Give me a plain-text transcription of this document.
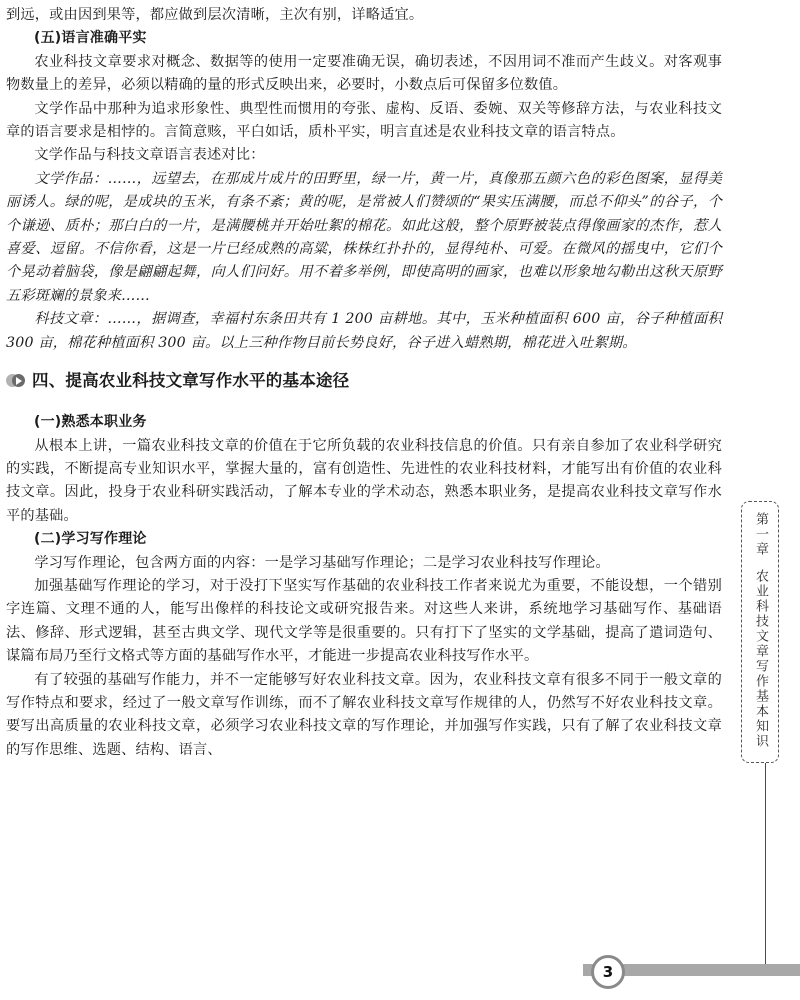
到远，或由因到果等，都应做到层次清晰，主次有别，详略适宜。

(五)语言准确平实

农业科技文章要求对概念、数据等的使用一定要准确无误，确切表述，不因用词不准而产生歧义。对客观事物数量上的差异，必须以精确的量的形式反映出来，必要时，小数点后可保留多位数值。

文学作品中那种为追求形象性、典型性而惯用的夸张、虚构、反语、委婉、双关等修辞方法，与农业科技文章的语言要求是相悖的。言简意赅，平白如话，质朴平实，明言直述是农业科技文章的语言特点。

文学作品与科技文章语言表述对比：

文学作品：……，远望去，在那成片成片的田野里，绿一片，黄一片，真像那五颜六色的彩色图案，显得美丽诱人。绿的呢，是成块的玉米，有条不紊；黄的呢，是常被人们赞颂的“果实压满腰，而总不仰头”的谷子，个个谦逊、质朴；那白白的一片，是满腰桃并开始吐絮的棉花。如此这般，整个原野被装点得像画家的杰作，惹人喜爱、逗留。不信你看，这是一片已经成熟的高粱，株株红扑扑的，显得纯朴、可爱。在微风的摇曳中，它们个个晃动着脑袋，像是翩翩起舞，向人们问好。用不着多举例，即使高明的画家，也难以形象地勾勒出这秋天原野五彩斑斓的景象来……

科技文章：……，据调查，幸福村东条田共有 1 200 亩耕地。其中，玉米种植面积 600 亩，谷子种植面积 300 亩，棉花种植面积 300 亩。以上三种作物目前长势良好，谷子进入蜡熟期，棉花进入吐絮期。

四、提高农业科技文章写作水平的基本途径

(一)熟悉本职业务

从根本上讲，一篇农业科技文章的价值在于它所负载的农业科技信息的价值。只有亲自参加了农业科学研究的实践，不断提高专业知识水平，掌握大量的，富有创造性、先进性的农业科技材料，才能写出有价值的农业科技文章。因此，投身于农业科研实践活动，了解本专业的学术动态，熟悉本职业务，是提高农业科技文章写作水平的基础。

(二)学习写作理论

学习写作理论，包含两方面的内容：一是学习基础写作理论；二是学习农业科技写作理论。

加强基础写作理论的学习，对于没打下坚实写作基础的农业科技工作者来说尤为重要，不能设想，一个错别字连篇、文理不通的人，能写出像样的科技论文或研究报告来。对这些人来讲，系统地学习基础写作、基础语法、修辞、形式逻辑，甚至古典文学、现代文学等是很重要的。只有打下了坚实的文学基础，提高了遣词造句、谋篇布局乃至行文格式等方面的基础写作水平，才能进一步提高农业科技写作水平。

有了较强的基础写作能力，并不一定能够写好农业科技文章。因为，农业科技文章有很多不同于一般文章的写作特点和要求，经过了一般文章写作训练，而不了解农业科技文章写作规律的人，仍然写不好农业科技文章。要写出高质量的农业科技文章，必须学习农业科技文章的写作理论，并加强写作实践，只有了解了农业科技文章的写作思维、选题、结构、语言、

第一章农业科技文章写作基本知识
3
